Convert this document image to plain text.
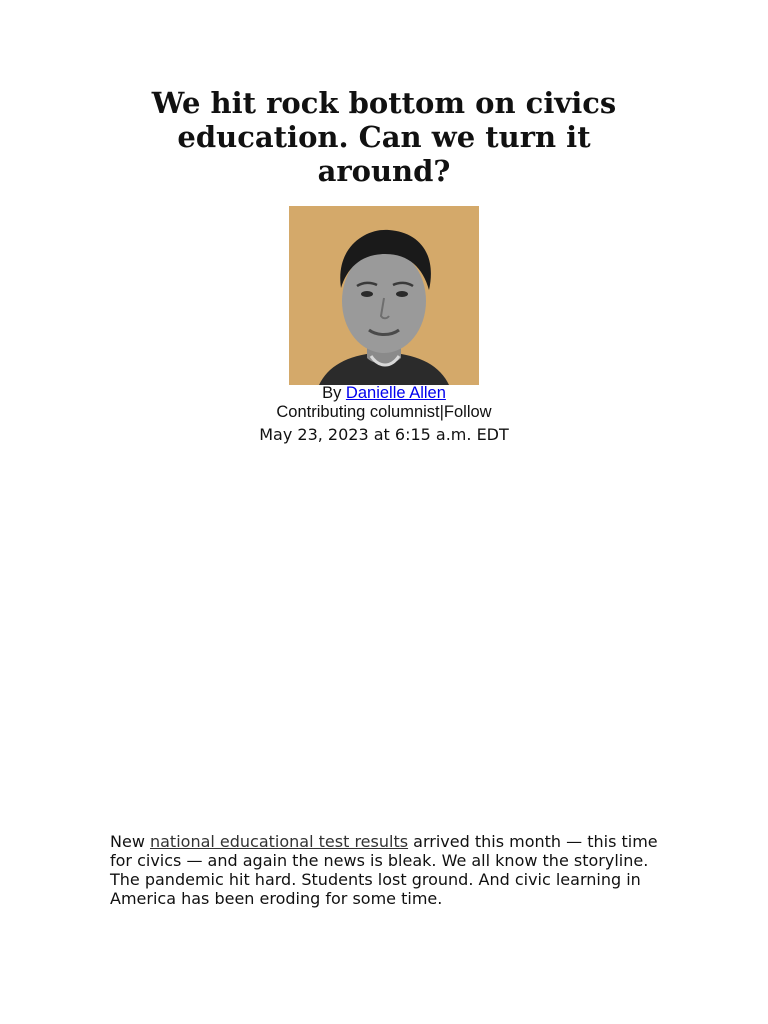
We hit rock bottom on civics education. Can we turn it around?
By Danielle Allen
Contributing columnist|Follow
May 23, 2023 at 6:15 a.m. EDT

New national educational test results arrived this month — this time for civics — and again the news is bleak. We all know the storyline. The pandemic hit hard. Students lost ground. And civic learning in America has been eroding for some time.
